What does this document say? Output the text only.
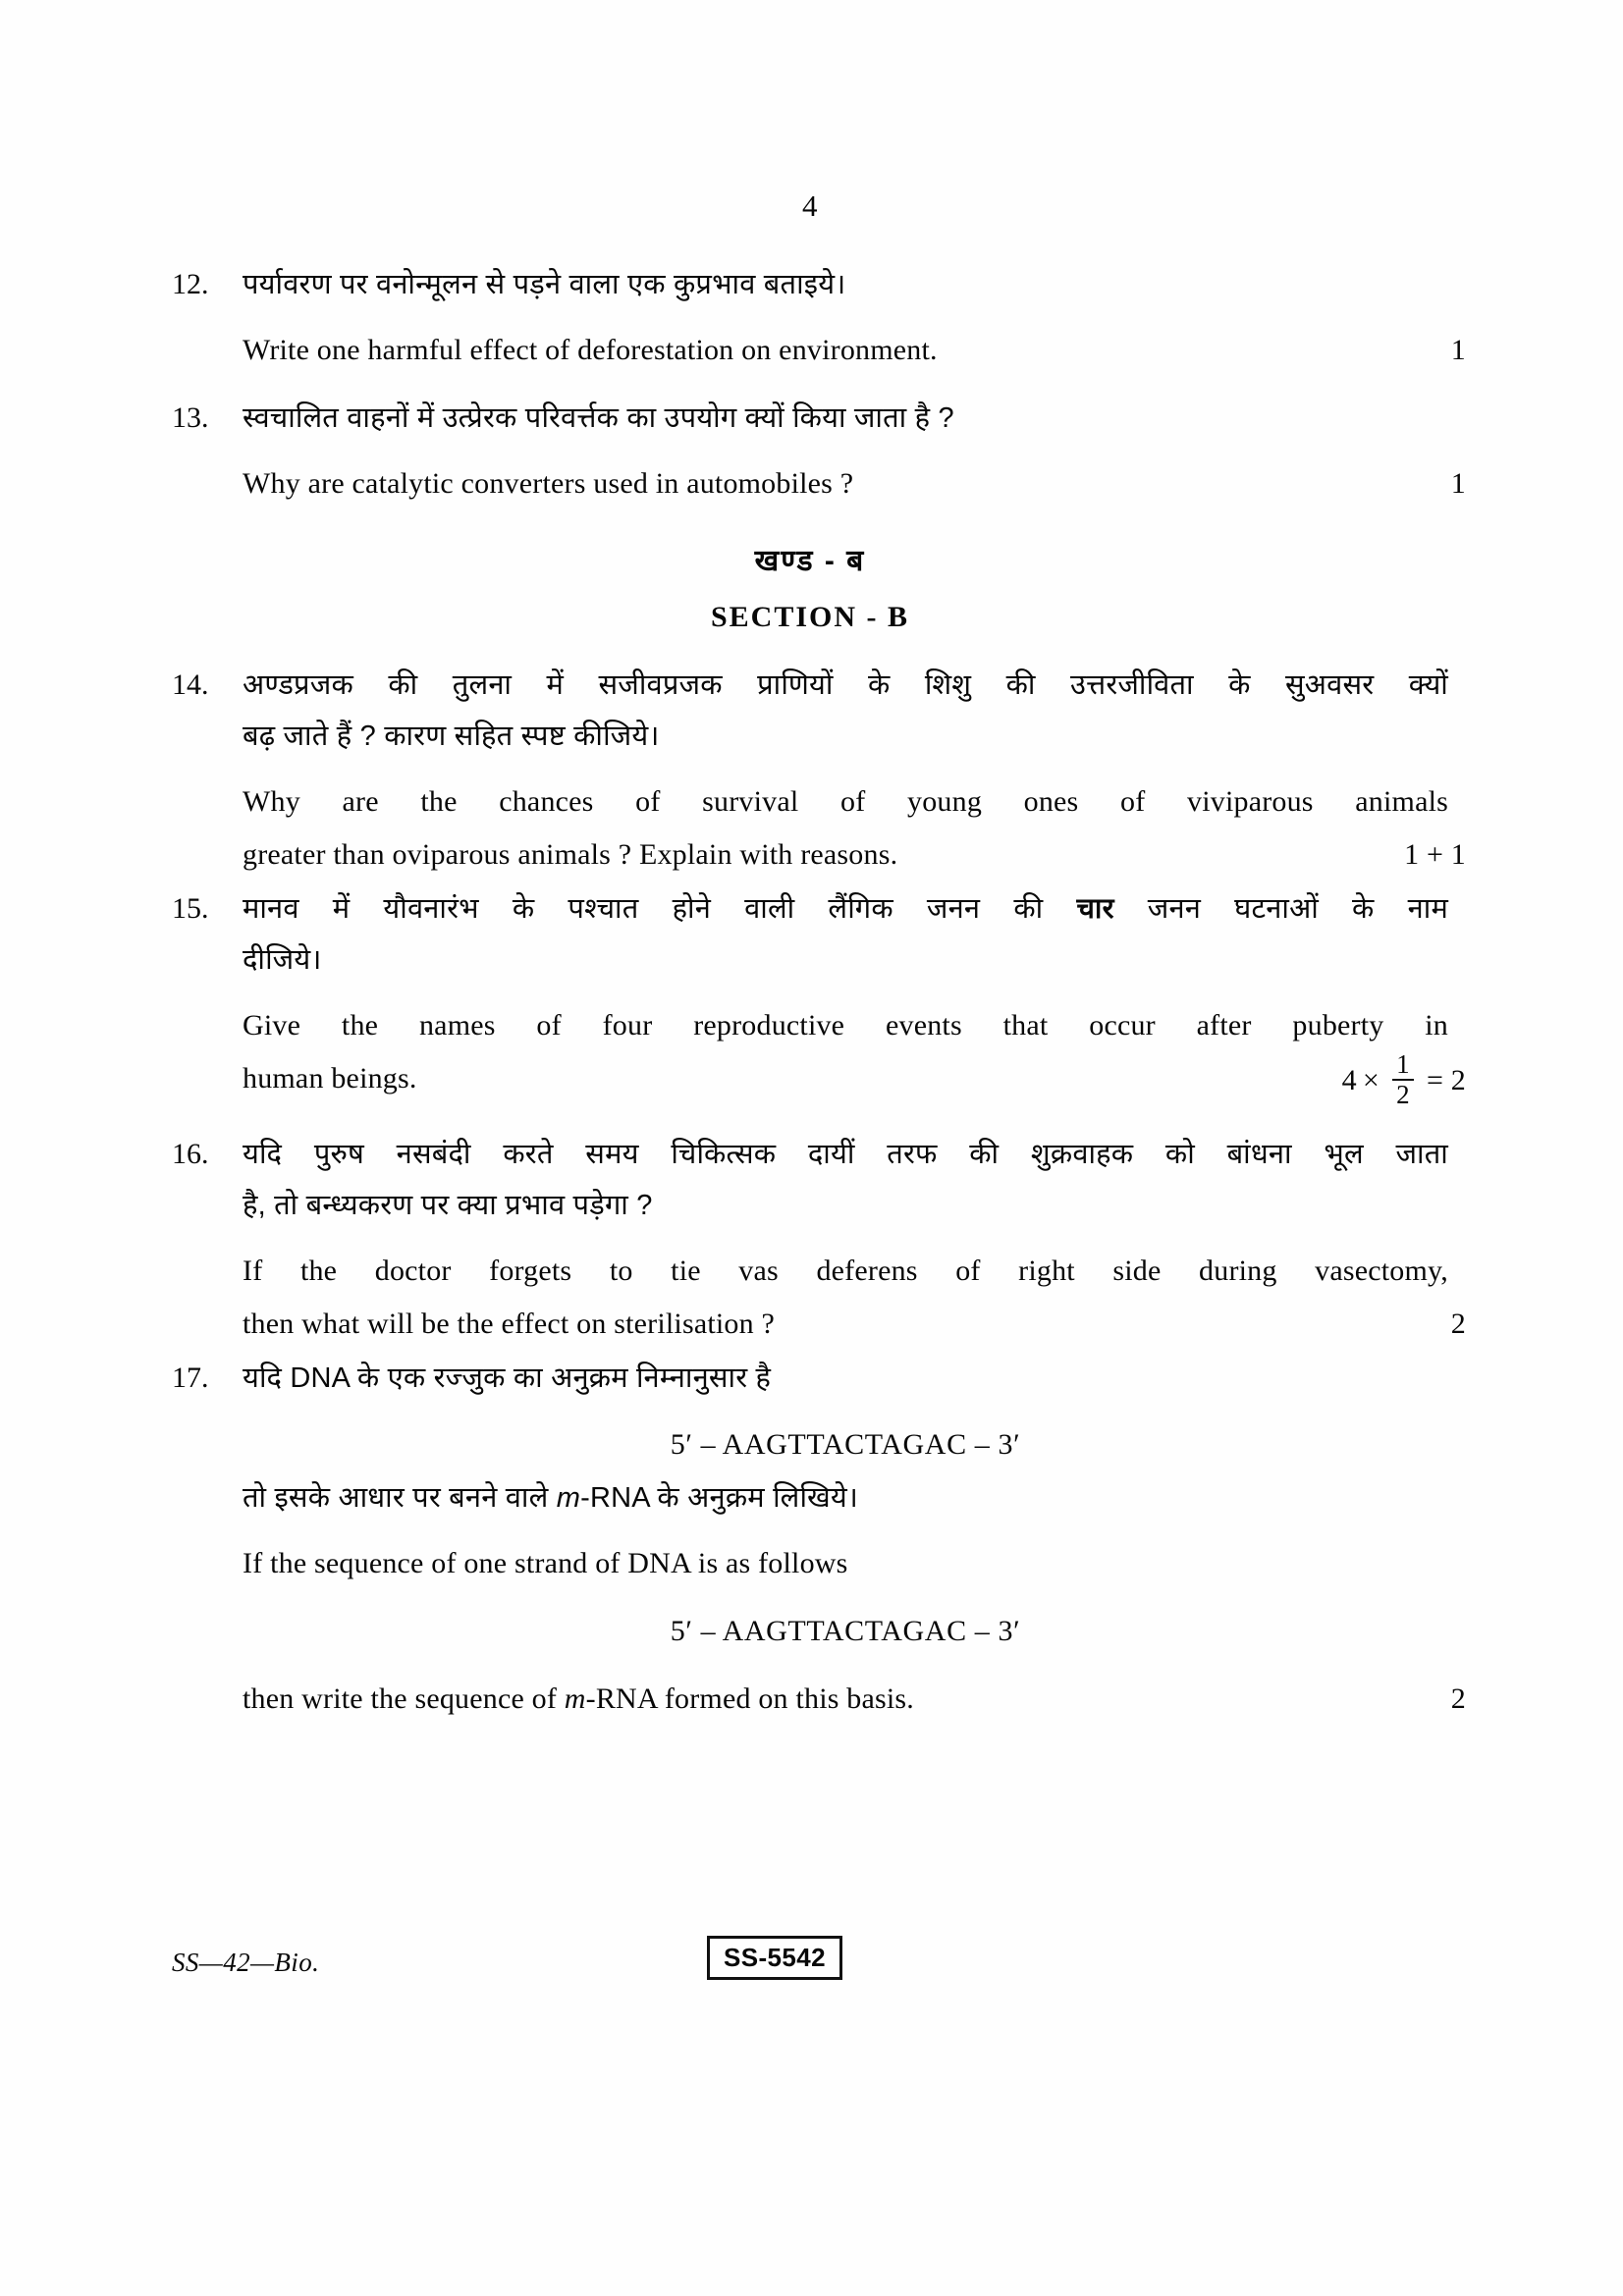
4
12.	पर्यावरण पर वनोन्मूलन से पड़ने वाला एक कुप्रभाव बताइये।
Write one harmful effect of deforestation on environment.	1
13.	स्वचालित वाहनों में उत्प्रेरक परिवर्त्तक का उपयोग क्यों किया जाता है ?
Why are catalytic converters used in automobiles ?	1
खण्ड - ब
SECTION - B
14.	अण्डप्रजक की तुलना में सजीवप्रजक प्राणियों के शिशु की उत्तरजीविता के सुअवसर क्यों
बढ़ जाते हैं ? कारण सहित स्पष्ट कीजिये।
Why are the chances of survival of young ones of viviparous animals
greater than oviparous animals ? Explain with reasons.	1 + 1
15.	मानव में यौवनारंभ के पश्चात होने वाली लैंगिक जनन की चार जनन घटनाओं के नाम
दीजिये।
Give the names of four reproductive events that occur after puberty in
human beings.	$4 \times \frac{1}{2} = 2$
16.	यदि पुरुष नसबंदी करते समय चिकित्सक दायीं तरफ की शुक्रवाहक को बांधना भूल जाता
है, तो बन्ध्यकरण पर क्या प्रभाव पड़ेगा ?
If the doctor forgets to tie vas deferens of right side during vasectomy,
then what will be the effect on sterilisation ?	2
17.	यदि DNA के एक रज्जुक का अनुक्रम निम्नानुसार है
5′ – AAGTTACTAGAC – 3′
तो इसके आधार पर बनने वाले m-RNA के अनुक्रम लिखिये।
If the sequence of one strand of DNA is as follows
5′ – AAGTTACTAGAC – 3′
then write the sequence of m-RNA formed on this basis.	2
SS—42—Bio.	SS-5542
